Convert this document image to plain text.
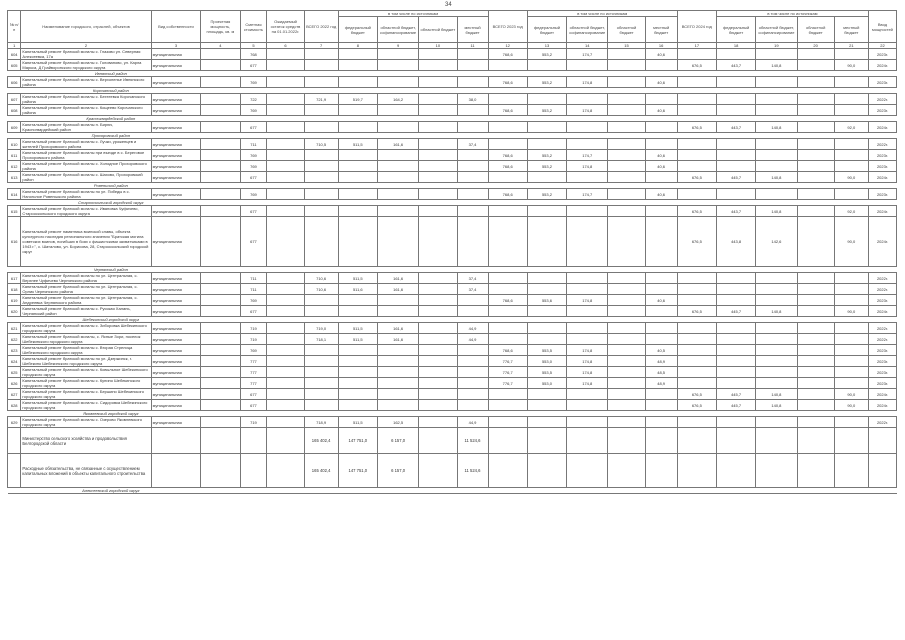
34
№ п/п	Наименование городского, отраслей, объектов	Вид собственности	Проектная мощность, площадь, кв. м	Сметная стоимость	Ожидаемый остаток средств на 01.01.2022г.	ВСЕГО 2022 год	в том числе по источникам				ВСЕГО 2023 год	в том числе по источникам				ВСЕГО 2024 год	в том числе по источникам				Ввод мощностей
							федеральный бюджет	областной бюджет, софинансирование	областной бюджет	местный бюджет		федеральный бюджет	областной бюджет, софинансирование	областной бюджет	местный бюджет		федеральный бюджет	областной бюджет, софинансирование	областной бюджет	местный бюджет	
1	2	3	4	5	6	7	8	9	10	11	12	13	14	15	16	17	18	19	20	21	22
604	Капитальный ремонт братской могилы с. Глазово ул. Северная Алексеевка, 17а	муниципальная		768							768,6	553,2	174,7		40,6						2023г.
605	Капитальный ремонт братской могилы с. Голованово, ул. Карла Маркса, Д Грайворонского городского округа	муниципальная		677												676,5	443,7	140,8		90,0	2024г.
	Ивнянский район																				
606	Капитальный ремонт братской могилы с. Верхопенье Ивнянского района	муниципальная		769							768,6	553,2	174,8		40,6						2023г.
	Корочанский район																				
607	Капитальный ремонт братской могилы с. Бехтеевка Корочанского района	муниципальная		722		721,9	519,7	164,2		38,0											2022г.
608	Капитальный ремонт братской могилы с. Кощеево Корочанского района	муниципальная		769							768,6	553,2	174,8		40,6						2023г.
	Красногвардейский район																				
609	Капитальный ремонт братской могилы п. Бирюч, Красногвардейский район	муниципальная		677												676,5	443,7	140,8		92,0	2024г.
	Прохоровский район																				
610	Капитальный ремонт братской могилы с. Лучки, уроженцев и жителей Прохоровского района	муниципальная		711		710,5	511,5	161,6		37,4											2022г.
611	Капитальный ремонт братской могилы при въезде в с. Береговое Прохоровского района	муниципальная		769							768,6	553,2	174,7		40,6						2023г.
612	Капитальный ремонт братской могилы с. Холодное Прохоровского района	муниципальная		769							768,6	553,2	174,8		40,6						2023г.
613	Капитальный ремонт братской могилы с. Шахово, Прохоровский район	муниципальная		677												676,5	445,7	140,8		90,0	2024г.
	Ровеньской район																				
614	Капитальный ремонт братской могилы по ул. Победы в с. Нагольное Ровеньского района	муниципальная		769							768,6	553,2	174,7		40,6						2023г.
	Старооскольский городской округ																				
615	Капитальный ремонт братской могилы с. Ивановка Чуфичево, Старооскольского городского округа	муниципальная		677												676,5	443,7	140,8		92,0	2024г.
616	Капитальный ремонт памятника воинской славы, объекта культурного наследия регионального значения "Братская могила советских воинов, погибших в боях с фашистскими захватчиками в 1943 г.", с. Шаталово, ул. Борисова, 28, Старооскольский городской округ	муниципальная		677												676,5	443,8	142,6		90,0	2024г.
	Чернянский район																				
617	Капитальный ремонт братской могилы по ул. Центральная, с. Верхнее Чуфичево Чернянского района	муниципальная		711		710,6	511,5	161,6		37,4											2022г.
618	Капитальный ремонт братской могилы по ул. Центральная, с. Орлик Чернянского района	муниципальная		711		710,6	511,6	161,6		37,4											2022г.
619	Капитальный ремонт братской могилы по ул. Центральная, с. Андреевка Чернянского района	муниципальная		769							768,6	553,6	174,8		40,6						2023г.
620	Капитальный ремонт братской могилы с. Русская Халань, Чернянский район	муниципальная		677												676,5	445,7	140,8		90,0	2024г.
	Шебекинский городской округ																				
621	Капитальный ремонт братской могилы с. Зиборовка Шебекинского городского округа	муниципальная		719		719,0	511,5	161,6		44,9											2022г.
622	Капитальный ремонт братской могилы, с. Ясные Зори, поселок Шебекинского городского округа	муниципальная		719		718,1	511,5	161,6		44,9											2022г.
623	Капитальный ремонт братской могилы с. Вторая Стрелица Шебекинского городского округа	муниципальная		769							768,6	553,5	174,8		40,5						2023г.
624	Капитальный ремонт братской могилы по ул. Дзержинск, г. Шебекино Шебекинского городского округа	муниципальная		777							776,7	553,0	174,8		48,9						2023г.
625	Капитальный ремонт братской могилы с. Ковыльное Шебекинского городского округа	муниципальная		777							776,7	553,5	174,8		48,5						2023г.
626	Капитальный ремонт братской могилы с. Купино Шебекинского городского округа	муниципальная		777							776,7	553,0	174,8		48,9						2023г.
627	Капитальный ремонт братской могилы с. Бершино Шебекинского городского округа	муниципальная		677												676,5	445,7	140,8		90,0	2024г.
628	Капитальный ремонт братской могилы с. Сидоровка Шебекинского городского округа	муниципальная		677												676,5	445,7	140,8		90,0	2024г.
	Яковлевский городской округ																				
629	Капитальный ремонт братской могилы с. Озерово Яковлевского городского округа	муниципальная		719		718,9	511,5	162,5		44,9											2022г.
	Министерство сельского хозяйства и продовольствия Белгородской области					165 402,4	147 751,0	6 157,0		11 524,6											
	Расходные обязательства, не связанные с осуществлением капитальных вложений в объекты капитального строительства					165 402,4	147 751,0	6 157,0		11 524,6											
	Алексеевский городской округ																				
